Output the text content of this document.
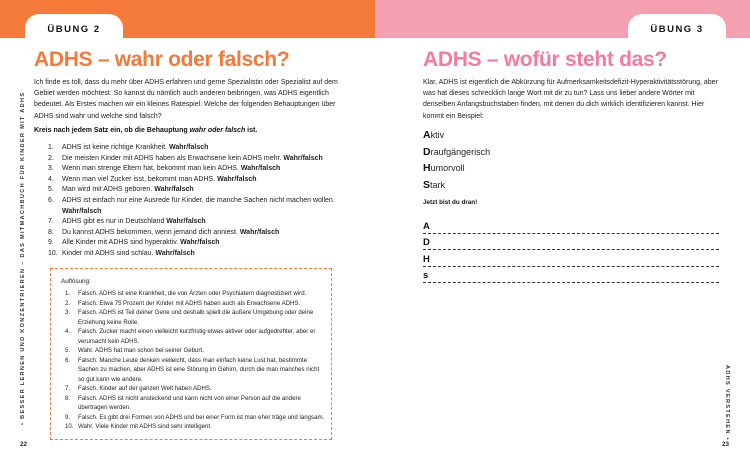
ÜBUNG 2	ÜBUNG 3
ADHS – wahr oder falsch?

Ich finde es toll, dass du mehr über ADHS erfahren und gerne Spezialistin oder Spezialist auf dem Gebiet werden möchtest. So kannst du nämlich auch anderen beibringen, was ADHS eigentlich bedeutet. Als Erstes machen wir ein kleines Ratespiel. Welche der folgenden Behauptungen über ADHS sind wahr und welche sind falsch?

Kreis nach jedem Satz ein, ob die Behauptung wahr oder falsch ist.

1.	ADHS ist keine richtige Krankheit. Wahr/falsch
2.	Die meisten Kinder mit ADHS haben als Erwachsene kein ADHS mehr. Wahr/falsch
3.	Wenn man strenge Eltern hat, bekommt man kein ADHS. Wahr/falsch
4.	Wenn man viel Zucker isst, bekommt man ADHS. Wahr/falsch
5.	Man wird mit ADHS geboren. Wahr/falsch
6.	ADHS ist einfach nur eine Ausrede für Kinder, die manche Sachen nicht machen wollen. Wahr/falsch
7.	ADHS gibt es nur in Deutschland Wahr/falsch
8.	Du kannst ADHS bekommen, wenn jemand dich anniest. Wahr/falsch
9.	Alle Kinder mit ADHS sind hyperaktiv. Wahr/falsch
10. Kinder mit ADHS sind schlau. Wahr/falsch
Auflösung:
1.	Falsch. ADHS ist eine Krankheit, die von Ärzten oder Psychiatern diagnostiziert wird.
2.	Falsch. Etwa 75 Prozent der Kinder mit ADHS haben auch als Erwachsene ADHS.
3.	Falsch. ADHS ist Teil deiner Gene und deshalb spielt die äußere Umgebung oder deine Erziehung keine Rolle.
4.	Falsch. Zucker macht einen vielleicht kurzfristig etwas aktiver oder aufgedrehter, aber er verursacht kein ADHS.
5.	Wahr. ADHS hat man schon bei seiner Geburt.
6.	Falsch. Manche Leute denken vielleicht, dass man einfach keine Lust hat, bestimmte Sachen zu machen, aber ADHS ist eine Störung im Gehirn, durch die man manches nicht so gut kann wie andere.
7.	Falsch. Kinder auf der ganzen Welt haben ADHS.
8.	Falsch. ADHS ist nicht ansteckend und kann nicht von einer Person auf die andere übertragen werden.
9.	Falsch. Es gibt drei Formen von ADHS und bei einer Form ist man eher träge und langsam.
10. Wahr. Viele Kinder mit ADHS sind sehr intelligent.
• BESSER LERNEN UND KONZENTRIEREN – DAS MITMACHBUCH FÜR KINDER MIT ADHS
22
ADHS – wofür steht das?

Klar, ADHS ist eigentlich die Abkürzung für Aufmerksamkeitsdefizit-Hyperaktivitätsstörung, aber was hat dieses schrecklich lange Wort mit dir zu tun? Lass uns lieber andere Wörter mit denselben Anfangsbuchstaben finden, mit denen du dich wirklich identifizieren kannst. Hier kommt ein Beispiel:

Aktiv
Draufgängerisch
Humorvoll
Stark
Jetzt bist du dran!
A
D
H
s
ADHS VERSTEHEN •
23
